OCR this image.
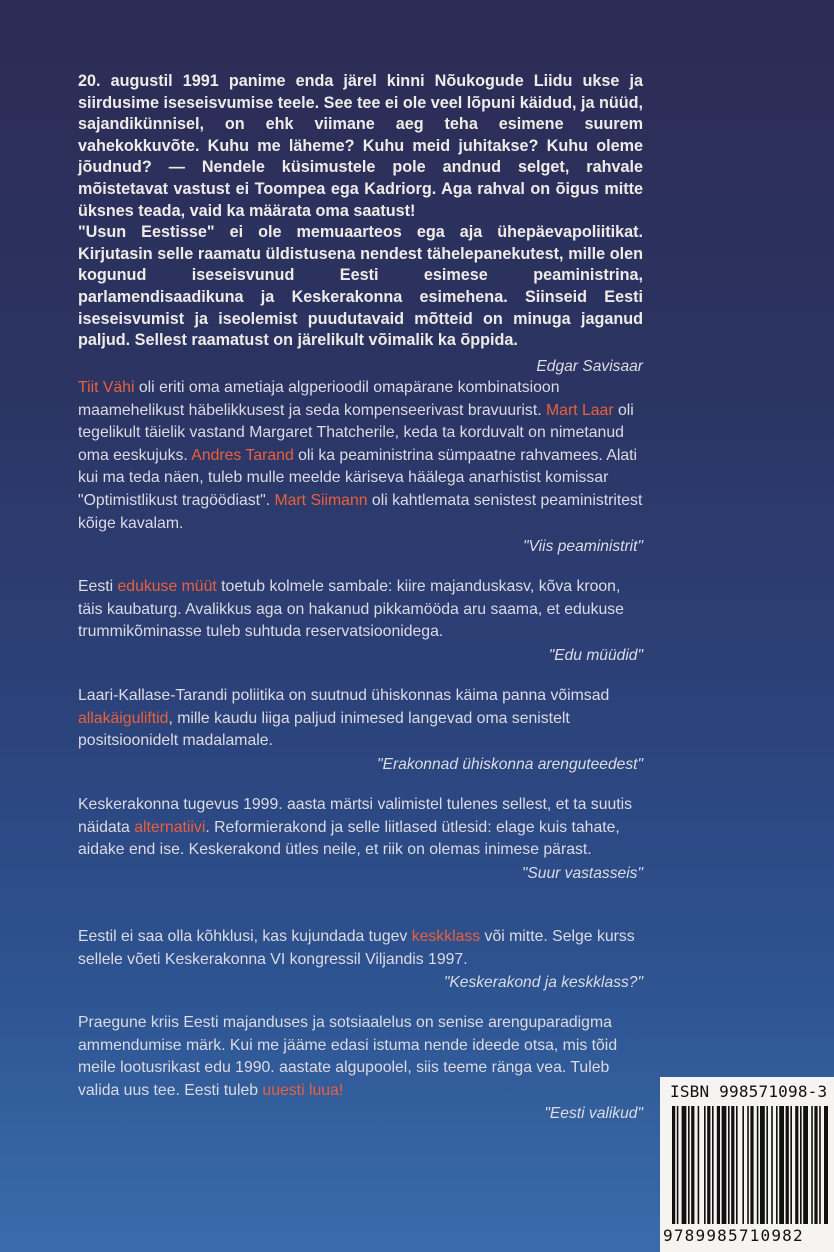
20. augustil 1991 panime enda järel kinni Nõukogude Liidu ukse ja siirdusime iseseisvumise teele. See tee ei ole veel lõpuni käidud, ja nüüd, sajandikünnisel, on ehk viimane aeg teha esimene suurem vahekokkuvõte. Kuhu me läheme? Kuhu meid juhitakse? Kuhu oleme jõudnud? — Nendele küsimustele pole andnud selget, rahvale mõistetavat vastust ei Toompea ega Kadriorg. Aga rahval on õigus mitte üksnes teada, vaid ka määrata oma saatust!

"Usun Eestisse" ei ole memuaarteos ega aja ühepäevapoliitikat. Kirjutasin selle raamatu üldistusena nendest tähelepanekutest, mille olen kogunud iseseisvunud Eesti esimese peaministrina, parlamendisaadikuna ja Keskerakonna esimehena. Siinseid Eesti iseseisvumist ja iseolemist puudutavaid mõtteid on minuga jaganud paljud. Sellest raamatust on järelikult võimalik ka õppida.

Edgar Savisaar

Tiit Vähi oli eriti oma ametiaja algperioodil omapärane kombinatsioon maamehelikust häbelikkusest ja seda kompenseerivast bravuurist. Mart Laar oli tegelikult täielik vastand Margaret Thatcherile, keda ta korduvalt on nimetanud oma eeskujuks. Andres Tarand oli ka peaministrina sümpaatne rahvamees. Alati kui ma teda näen, tuleb mulle meelde käriseva häälega anarhistist komissar "Optimistlikust tragöödiast". Mart Siimann oli kahtlemata senistest peaministritest kõige kavalam.

"Viis peaministrit"

Eesti edukuse müüt toetub kolmele sambale: kiire majanduskasv, kõva kroon, täis kaubaturg. Avalikkus aga on hakanud pikkamööda aru saama, et edukuse trummikõminasse tuleb suhtuda reservatsioonidega.

"Edu müüdid"

Laari-Kallase-Tarandi poliitika on suutnud ühiskonnas käima panna võimsad allakäiguliftid, mille kaudu liiga paljud inimesed langevad oma senistelt positsioonidelt madalamale.

"Erakonnad ühiskonna arenguteedest"

Keskerakonna tugevus 1999. aasta märtsi valimistel tulenes sellest, et ta suutis näidata alternatiivi. Reformierakond ja selle liitlased ütlesid: elage kuis tahate, aidake end ise. Keskerakond ütles neile, et riik on olemas inimese pärast.

"Suur vastasseis"

Eestil ei saa olla kõhklusi, kas kujundada tugev keskklass või mitte. Selge kurss sellele võeti Keskerakonna VI kongressil Viljandis 1997.

"Keskerakond ja keskklass?"

Praegune kriis Eesti majanduses ja sotsiaalelus on senise arenguparadigma ammendumise märk. Kui me jääme edasi istuma nende ideede otsa, mis tõid meile lootusrikast edu 1990. aastate algupoolel, siis teeme ränga vea. Tuleb valida uus tee. Eesti tuleb uuesti luua!

"Eesti valikud"
ISBN 998571098-3
9789985710982
